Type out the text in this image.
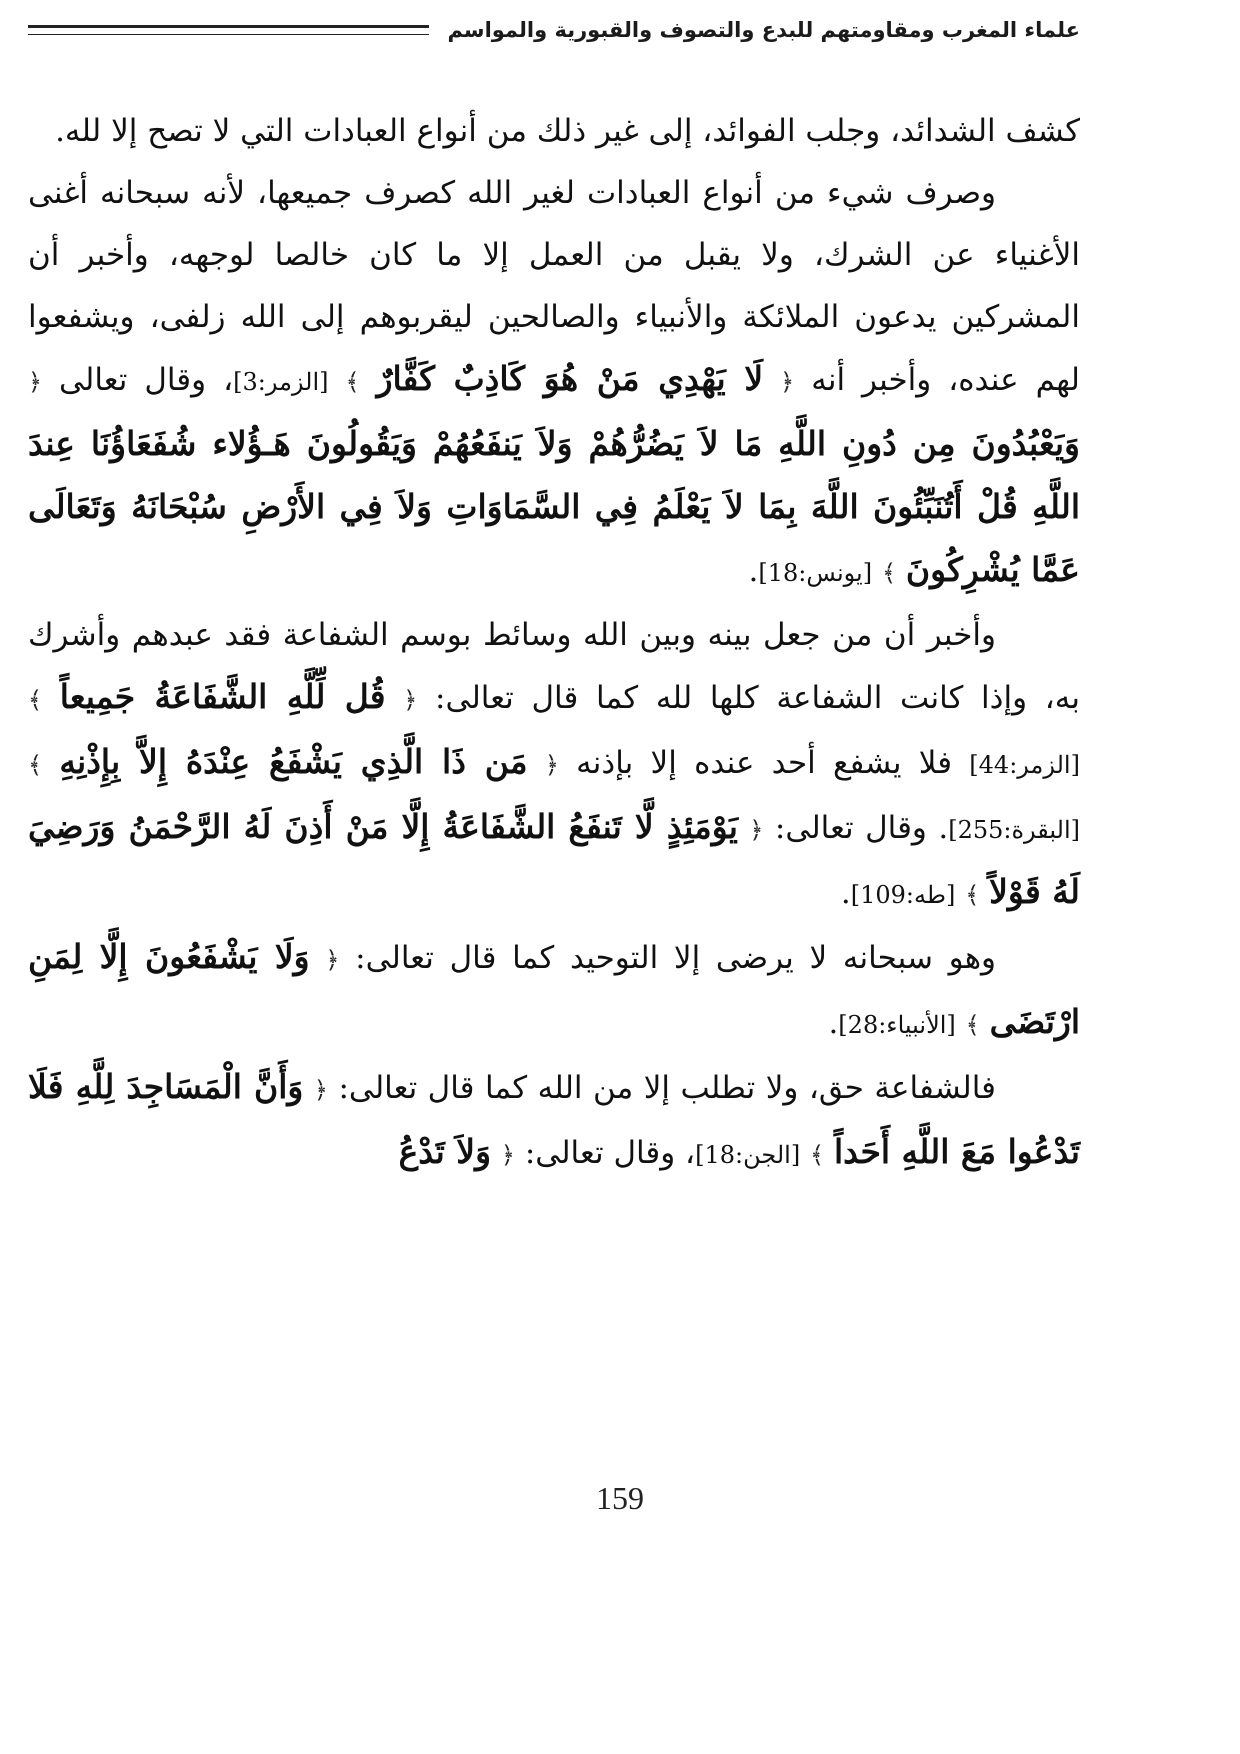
علماء المغرب ومقاومتهم للبدع والتصوف والقبورية والمواسم

كشف الشدائد، وجلب الفوائد، إلى غير ذلك من أنواع العبادات التي لا تصح إلا لله.

وصرف شيء من أنواع العبادات لغير الله كصرف جميعها، لأنه سبحانه أغنى الأغنياء عن الشرك، ولا يقبل من العمل إلا ما كان خالصا لوجهه، وأخبر أن المشركين يدعون الملائكة والأنبياء والصالحين ليقربوهم إلى الله زلفى، ويشفعوا لهم عنده، وأخبر أنه ﴿ لَا يَهْدِي مَنْ هُوَ كَاذِبٌ كَفَّارٌ ﴾ [الزمر:3]، وقال تعالى ﴿ وَيَعْبُدُونَ مِن دُونِ اللَّهِ مَا لاَ يَضُرُّهُمْ وَلاَ يَنفَعُهُمْ وَيَقُولُونَ هَـؤُلاء شُفَعَاؤُنَا عِندَ اللَّهِ قُلْ أَتُنَبِّئُونَ اللَّهَ بِمَا لاَ يَعْلَمُ فِي السَّمَاوَاتِ وَلاَ فِي الأَرْضِ سُبْحَانَهُ وَتَعَالَى عَمَّا يُشْرِكُونَ ﴾ [يونس:18].

وأخبر أن من جعل بينه وبين الله وسائط بوسم الشفاعة فقد عبدهم وأشرك به، وإذا كانت الشفاعة كلها لله كما قال تعالى: ﴿ قُل لِّلَّهِ الشَّفَاعَةُ جَمِيعاً ﴾ [الزمر:44] فلا يشفع أحد عنده إلا بإذنه ﴿ مَن ذَا الَّذِي يَشْفَعُ عِنْدَهُ إِلاَّ بِإِذْنِهِ ﴾ [البقرة:255]. وقال تعالى: ﴿ يَوْمَئِذٍ لَّا تَنفَعُ الشَّفَاعَةُ إِلَّا مَنْ أَذِنَ لَهُ الرَّحْمَنُ وَرَضِيَ لَهُ قَوْلاً ﴾ [طه:109].

وهو سبحانه لا يرضى إلا التوحيد كما قال تعالى: ﴿ وَلَا يَشْفَعُونَ إِلَّا لِمَنِ ارْتَضَى ﴾ [الأنبياء:28].

فالشفاعة حق، ولا تطلب إلا من الله كما قال تعالى: ﴿ وَأَنَّ الْمَسَاجِدَ لِلَّهِ فَلَا تَدْعُوا مَعَ اللَّهِ أَحَداً ﴾ [الجن:18]، وقال تعالى: ﴿ وَلاَ تَدْعُ

159
